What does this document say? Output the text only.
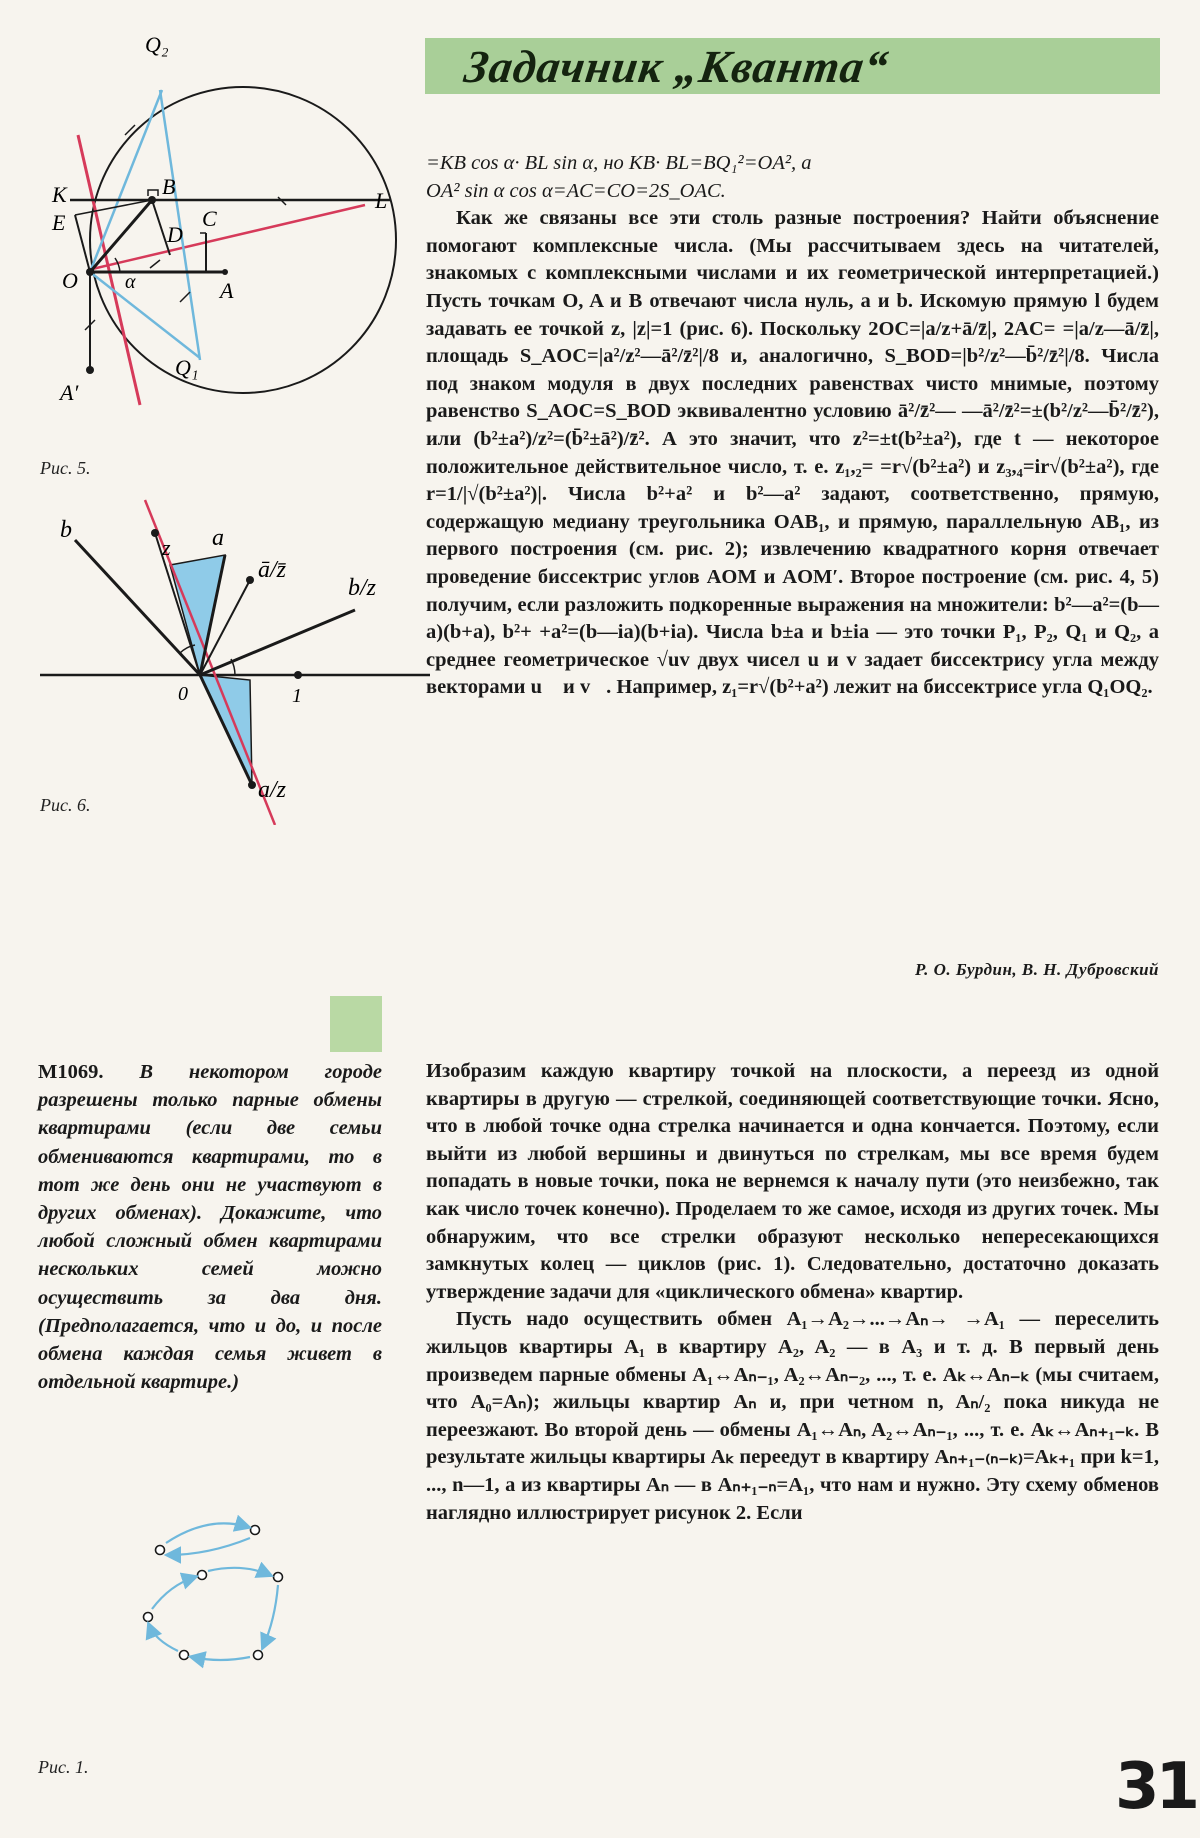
Задачник „Кванта“
Q₂
K	B
L
E	C
D
O α	A
Q₁
A′
Рис. 5.
b
z a
ā/z̄
b/z
0	1
a/z
Рис. 6.

=KB cos α· BL sin α, но KB· BL=BQ₁²=OA², а

OA² sin α cos α=AC=CO=2S_OAC.

Как же связаны все эти столь разные построения? Найти объяснение помогают комплексные числа. (Мы рассчитываем здесь на читателей, знакомых с комплексными числами и их геометрической интерпретацией.) Пусть точкам O, A и B отвечают числа нуль, a и b. Искомую прямую l будем задавать ее точкой z, |z|=1 (рис. 6). Поскольку 2OC=|a/z+ā/z̄|, 2AC= =|a/z—ā/z̄|, площадь S_AOC=|a²/z²—ā²/z̄²|/8 и, аналогично, S_BOD=|b²/z²—b̄²/z̄²|/8. Числа под знаком модуля в двух последних равенствах чисто мнимые, поэтому равенство S_AOC=S_BOD эквивалентно условию ā²/z̄²— —ā²/z̄²=±(b²/z²—b̄²/z̄²), или (b²±a²)/z²=(b̄²±ā²)/z̄². А это значит, что z²=±t(b²±a²), где t — некоторое положительное действительное число, т. е. z₁,₂= =r√(b²±a²) и z₃,₄=ir√(b²±a²), где r=1/|√(b²±a²)|. Числа b²+a² и b²—a² задают, соответственно, прямую, содержащую медиану треугольника OAB₁, и прямую, параллельную AB₁, из первого построения (см. рис. 2); извлечению квадратного корня отвечает проведение биссектрис углов AOM и AOM′. Второе построение (см. рис. 4, 5) получим, если разложить подкоренные выражения на множители: b²—a²=(b—a)(b+a), b²+ +a²=(b—ia)(b+ia). Числа b±a и b±ia — это точки P₁, P₂, Q₁ и Q₂, а среднее геометрическое √uv двух чисел u и v задает биссектрису угла между векторами u⃗ и v⃗. Например, z₁=r√(b²+a²) лежит на биссектрисе угла Q₁OQ₂.

Р. О. Бурдин, В. Н. Дубровский
М1069. В некотором городе разрешены только парные обмены квартирами (если две семьи обмениваются квартирами, то в тот же день они не участвуют в других обменах). Докажите, что любой сложный обмен квартирами нескольких семей можно осуществить за два дня. (Предполагается, что и до, и после обмена каждая семья живет в отдельной квартире.)
Рис. 1.

Изобразим каждую квартиру точкой на плоскости, а переезд из одной квартиры в другую — стрелкой, соединяющей соответствующие точки. Ясно, что в любой точке одна стрелка начинается и одна кончается. Поэтому, если выйти из любой вершины и двинуться по стрелкам, мы все время будем попадать в новые точки, пока не вернемся к началу пути (это неизбежно, так как число точек конечно). Проделаем то же самое, исходя из других точек. Мы обнаружим, что все стрелки образуют несколько непересекающихся замкнутых колец — циклов (рис. 1). Следовательно, достаточно доказать утверждение задачи для «циклического обмена» квартир.

Пусть надо осуществить обмен A₁→A₂→...→Aₙ→ →A₁ — переселить жильцов квартиры A₁ в квартиру A₂, A₂ — в A₃ и т. д. В первый день произведем парные обмены A₁↔Aₙ₋₁, A₂↔Aₙ₋₂, ..., т. е. Aₖ↔Aₙ₋ₖ (мы считаем, что A₀=Aₙ); жильцы квартир Aₙ и, при четном n, Aₙ/₂ пока никуда не переезжают. Во второй день — обмены A₁↔Aₙ, A₂↔Aₙ₋₁, ..., т. е. Aₖ↔Aₙ₊₁₋ₖ. В результате жильцы квартиры Aₖ переедут в квартиру Aₙ₊₁₋₍ₙ₋ₖ₎=Aₖ₊₁ при k=1, ..., n—1, а из квартиры Aₙ — в Aₙ₊₁₋ₙ=A₁, что нам и нужно. Эту схему обменов наглядно иллюстрирует рисунок 2. Если

31
